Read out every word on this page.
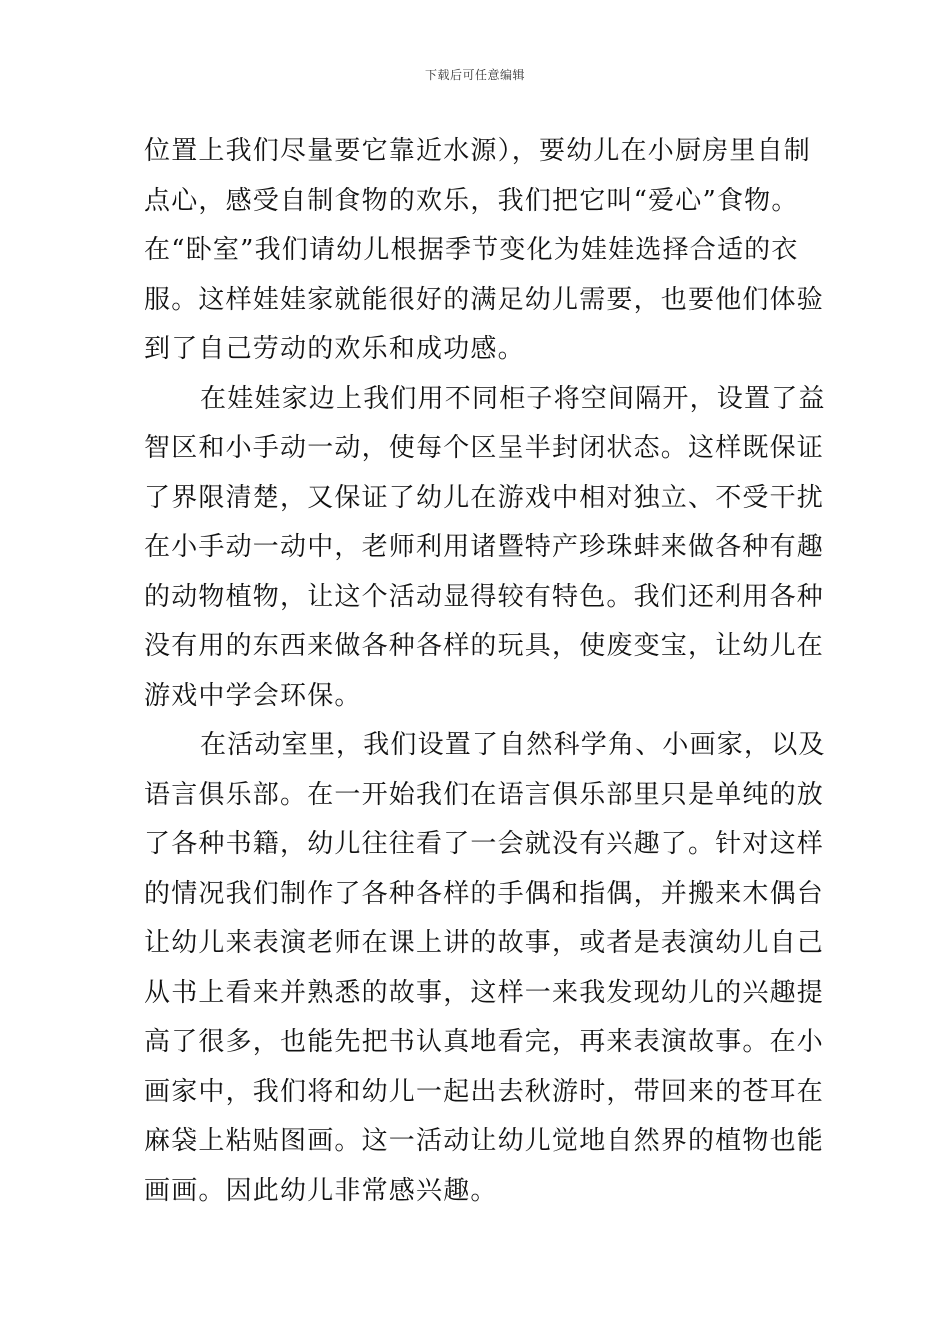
下载后可任意编辑
位置上我们尽量要它靠近水源），要幼儿在小厨房里自制
点心，感受自制食物的欢乐，我们把它叫“爱心”食物。
在“卧室”我们请幼儿根据季节变化为娃娃选择合适的衣
服。这样娃娃家就能很好的满足幼儿需要，也要他们体验
到了自己劳动的欢乐和成功感。
在娃娃家边上我们用不同柜子将空间隔开，设置了益
智区和小手动一动，使每个区呈半封闭状态。这样既保证
了界限清楚，又保证了幼儿在游戏中相对独立、不受干扰
在小手动一动中，老师利用诸暨特产珍珠蚌来做各种有趣
的动物植物，让这个活动显得较有特色。我们还利用各种
没有用的东西来做各种各样的玩具，使废变宝，让幼儿在
游戏中学会环保。
在活动室里，我们设置了自然科学角、小画家，以及
语言俱乐部。在一开始我们在语言俱乐部里只是单纯的放
了各种书籍，幼儿往往看了一会就没有兴趣了。针对这样
的情况我们制作了各种各样的手偶和指偶，并搬来木偶台
让幼儿来表演老师在课上讲的故事，或者是表演幼儿自己
从书上看来并熟悉的故事，这样一来我发现幼儿的兴趣提
高了很多，也能先把书认真地看完，再来表演故事。在小
画家中，我们将和幼儿一起出去秋游时，带回来的苍耳在
麻袋上粘贴图画。这一活动让幼儿觉地自然界的植物也能
画画。因此幼儿非常感兴趣。
